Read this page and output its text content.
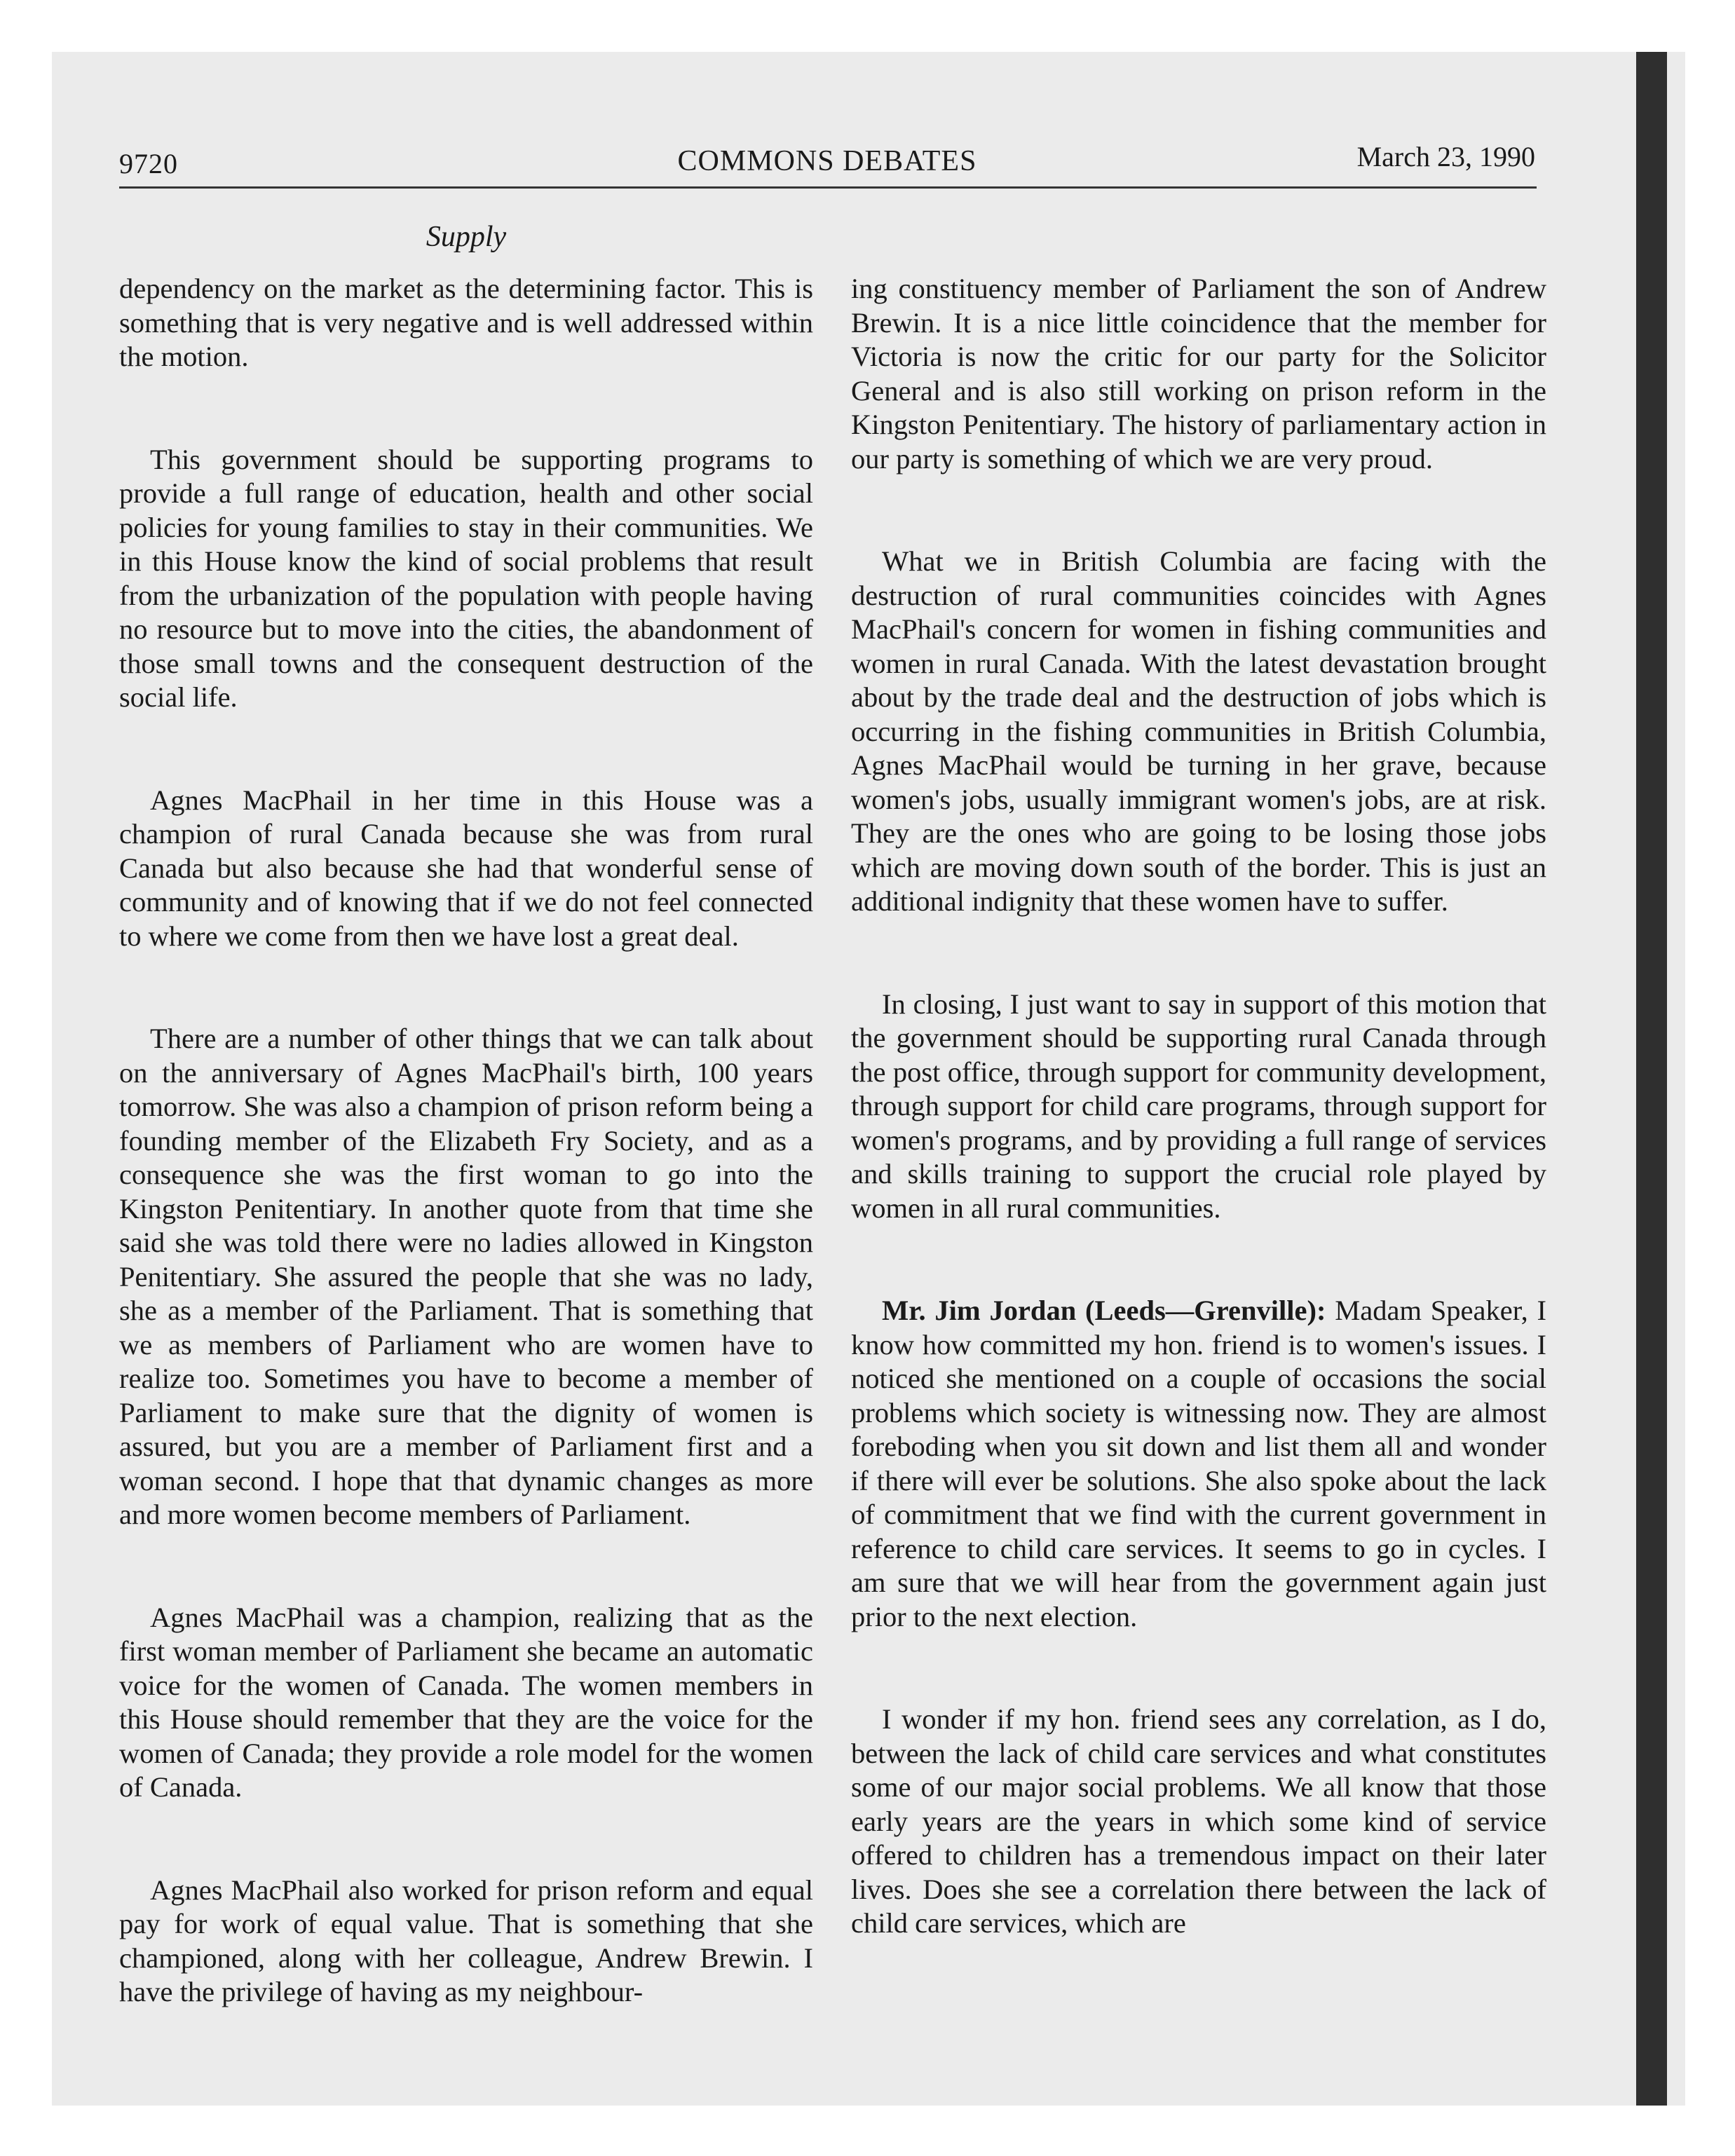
9720	COMMONS DEBATES	March 23, 1990
Supply

dependency on the market as the determining factor. This is something that is very negative and is well addressed within the motion.

This government should be supporting programs to provide a full range of education, health and other social policies for young families to stay in their communities. We in this House know the kind of social problems that result from the urbanization of the population with people having no resource but to move into the cities, the abandonment of those small towns and the consequent destruction of the social life.

Agnes MacPhail in her time in this House was a champion of rural Canada because she was from rural Canada but also because she had that wonderful sense of community and of knowing that if we do not feel connected to where we come from then we have lost a great deal.

There are a number of other things that we can talk about on the anniversary of Agnes MacPhail's birth, 100 years tomorrow. She was also a champion of prison reform being a founding member of the Elizabeth Fry Society, and as a consequence she was the first woman to go into the Kingston Penitentiary. In another quote from that time she said she was told there were no ladies allowed in Kingston Penitentiary. She assured the people that she was no lady, she as a member of the Parliament. That is something that we as members of Parliament who are women have to realize too. Sometimes you have to become a member of Parliament to make sure that the dignity of women is assured, but you are a member of Parliament first and a woman second. I hope that that dynamic changes as more and more women become members of Parliament.

Agnes MacPhail was a champion, realizing that as the first woman member of Parliament she became an automatic voice for the women of Canada. The women members in this House should remember that they are the voice for the women of Canada; they provide a role model for the women of Canada.

Agnes MacPhail also worked for prison reform and equal pay for work of equal value. That is something that she championed, along with her colleague, Andrew Brewin. I have the privilege of having as my neighbour-

ing constituency member of Parliament the son of Andrew Brewin. It is a nice little coincidence that the member for Victoria is now the critic for our party for the Solicitor General and is also still working on prison reform in the Kingston Penitentiary. The history of parliamentary action in our party is something of which we are very proud.

What we in British Columbia are facing with the destruction of rural communities coincides with Agnes MacPhail's concern for women in fishing communities and women in rural Canada. With the latest devastation brought about by the trade deal and the destruction of jobs which is occurring in the fishing communities in British Columbia, Agnes MacPhail would be turning in her grave, because women's jobs, usually immigrant women's jobs, are at risk. They are the ones who are going to be losing those jobs which are moving down south of the border. This is just an additional indignity that these women have to suffer.

In closing, I just want to say in support of this motion that the government should be supporting rural Canada through the post office, through support for community development, through support for child care programs, through support for women's programs, and by providing a full range of services and skills training to support the crucial role played by women in all rural communities.

Mr. Jim Jordan (Leeds—Grenville): Madam Speaker, I know how committed my hon. friend is to women's issues. I noticed she mentioned on a couple of occasions the social problems which society is witnessing now. They are almost foreboding when you sit down and list them all and wonder if there will ever be solutions. She also spoke about the lack of commitment that we find with the current government in reference to child care services. It seems to go in cycles. I am sure that we will hear from the government again just prior to the next election.

I wonder if my hon. friend sees any correlation, as I do, between the lack of child care services and what constitutes some of our major social problems. We all know that those early years are the years in which some kind of service offered to children has a tremendous impact on their later lives. Does she see a correlation there between the lack of child care services, which are
